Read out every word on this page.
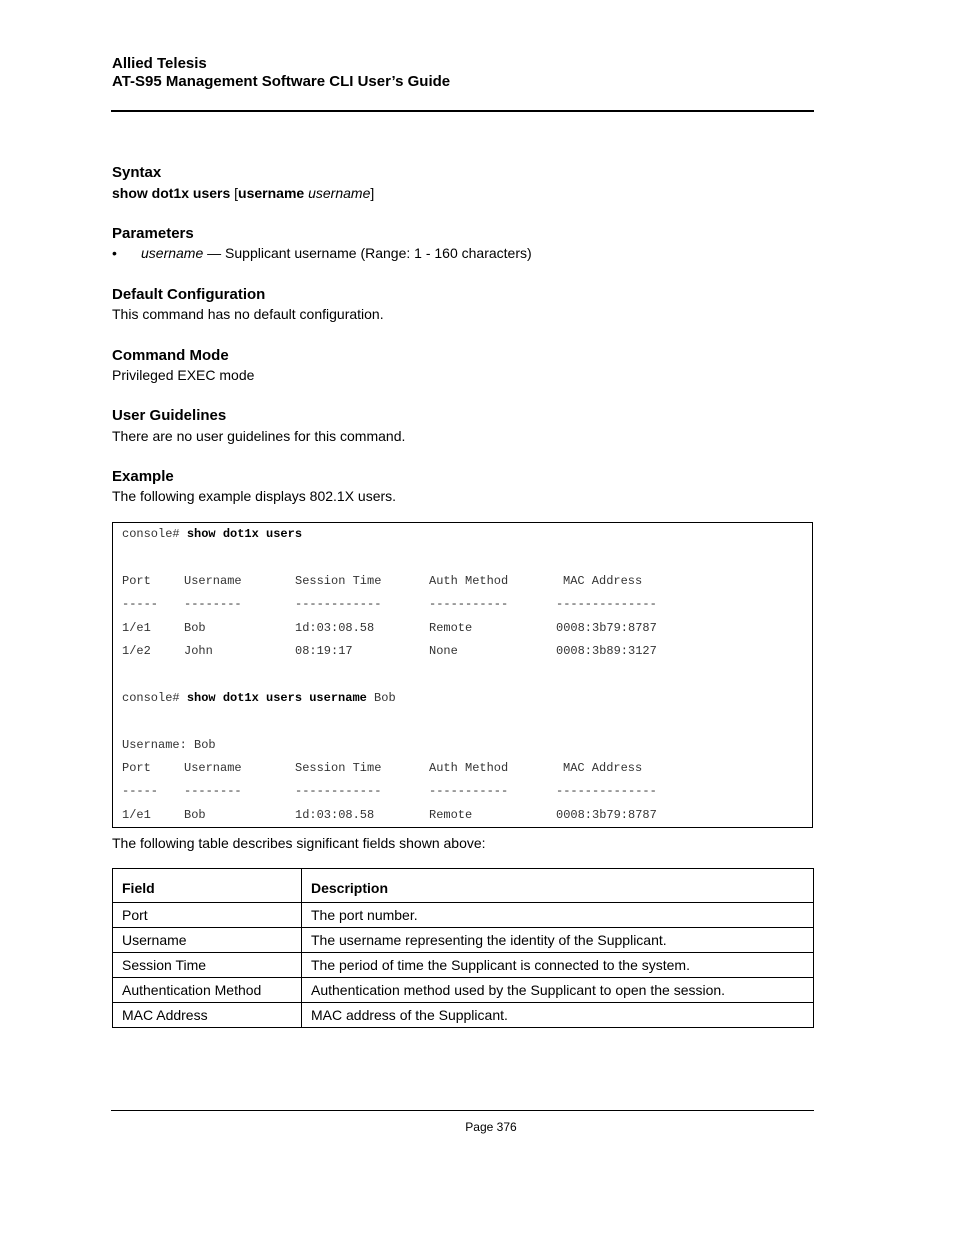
Allied Telesis
AT-S95 Management Software CLI User’s Guide
Syntax
show dot1x users [username username]
Parameters
• username — Supplicant username (Range: 1 - 160 characters)
Default Configuration
This command has no default configuration.
Command Mode
Privileged EXEC mode
User Guidelines
There are no user guidelines for this command.
Example
The following example displays 802.1X users.
console# show dot1x users
Port	Username	Session Time	Auth Method	MAC Address
----- --------	------------	-----------	--------------
1/e1	Bob	1d:03:08.58	Remote	0008:3b79:8787
1/e2	John	08:19:17	None	0008:3b89:3127
console# show dot1x users username Bob
Username: Bob
Port	Username	Session Time	Auth Method	MAC Address
----- --------	------------	-----------	--------------
1/e1	Bob	1d:03:08.58	Remote	0008:3b79:8787
The following table describes significant fields shown above:
Field	Description
Port	The port number.
Username	The username representing the identity of the Supplicant.
Session Time	The period of time the Supplicant is connected to the system.
Authentication Method	Authentication method used by the Supplicant to open the session.
MAC Address	MAC address of the Supplicant.
Page 376
